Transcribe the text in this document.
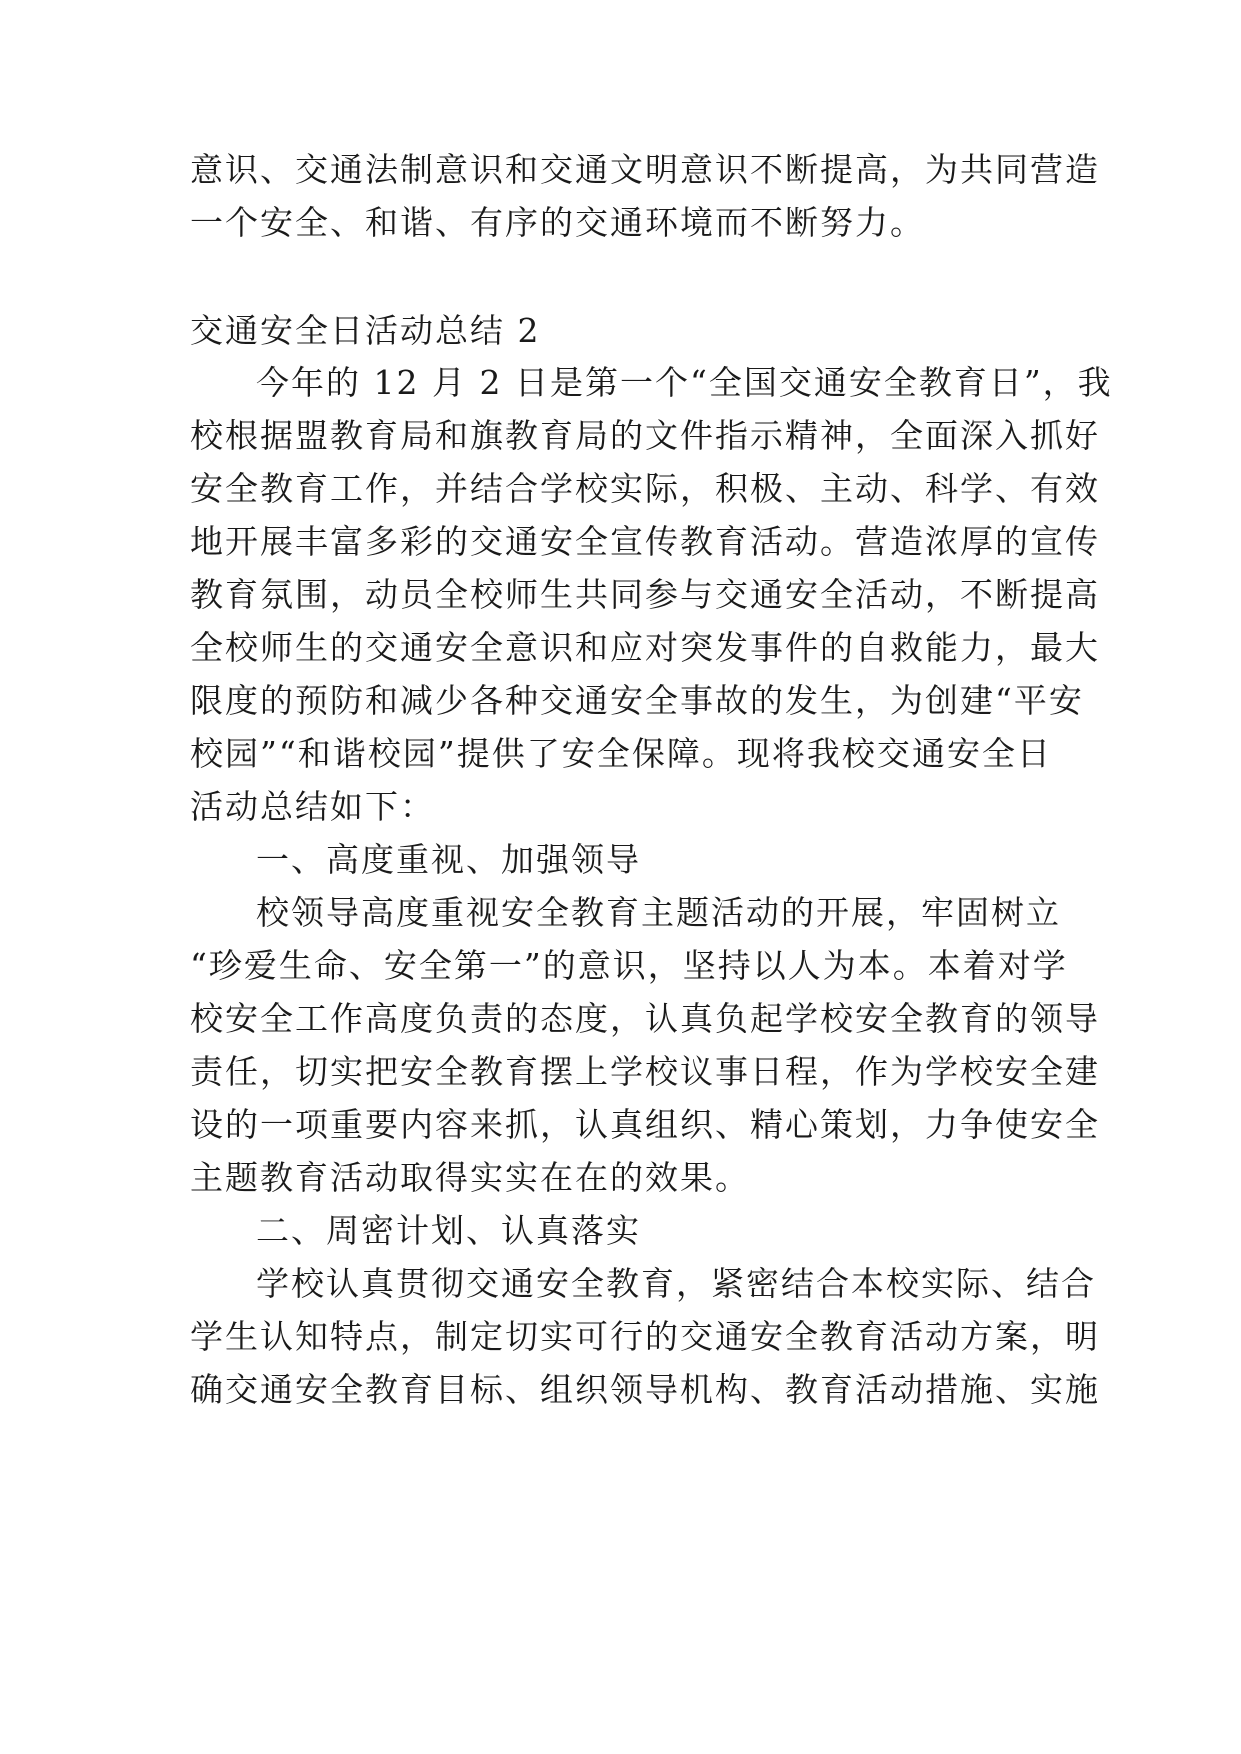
意识、交通法制意识和交通文明意识不断提高，为共同营造
一个安全、和谐、有序的交通环境而不断努力。
交通安全日活动总结 2
今年的 12 月 2 日是第一个“全国交通安全教育日”，我
校根据盟教育局和旗教育局的文件指示精神，全面深入抓好
安全教育工作，并结合学校实际，积极、主动、科学、有效
地开展丰富多彩的交通安全宣传教育活动。营造浓厚的宣传
教育氛围，动员全校师生共同参与交通安全活动，不断提高
全校师生的交通安全意识和应对突发事件的自救能力，最大
限度的预防和减少各种交通安全事故的发生，为创建“平安
校园”“和谐校园”提供了安全保障。现将我校交通安全日
活动总结如下：
一、高度重视、加强领导
校领导高度重视安全教育主题活动的开展，牢固树立
“珍爱生命、安全第一”的意识，坚持以人为本。本着对学
校安全工作高度负责的态度，认真负起学校安全教育的领导
责任，切实把安全教育摆上学校议事日程，作为学校安全建
设的一项重要内容来抓，认真组织、精心策划，力争使安全
主题教育活动取得实实在在的效果。
二、周密计划、认真落实
学校认真贯彻交通安全教育，紧密结合本校实际、结合
学生认知特点，制定切实可行的交通安全教育活动方案，明
确交通安全教育目标、组织领导机构、教育活动措施、实施
